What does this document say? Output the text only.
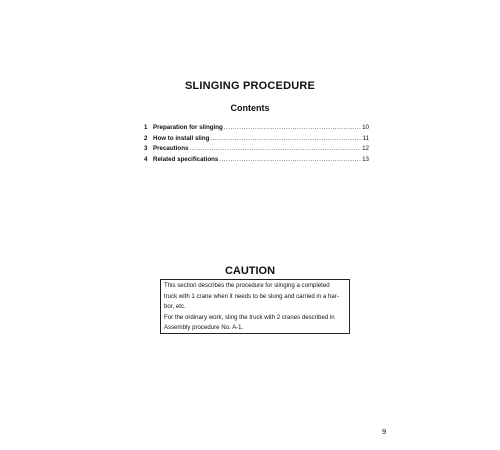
SLINGING PROCEDURE
Contents
1 Preparation for slinging .....	10
2 How to install sling .....	11
3 Precautions .....	12
4 Related specifications .....	13
CAUTION
This section describes the procedure for slinging a completed
truck with 1 crane when it needs to be slung and carried in a har-
bor, etc.
For the ordinary work, sling the truck with 2 cranes described in
Assembly procedure No. A-1.
9
